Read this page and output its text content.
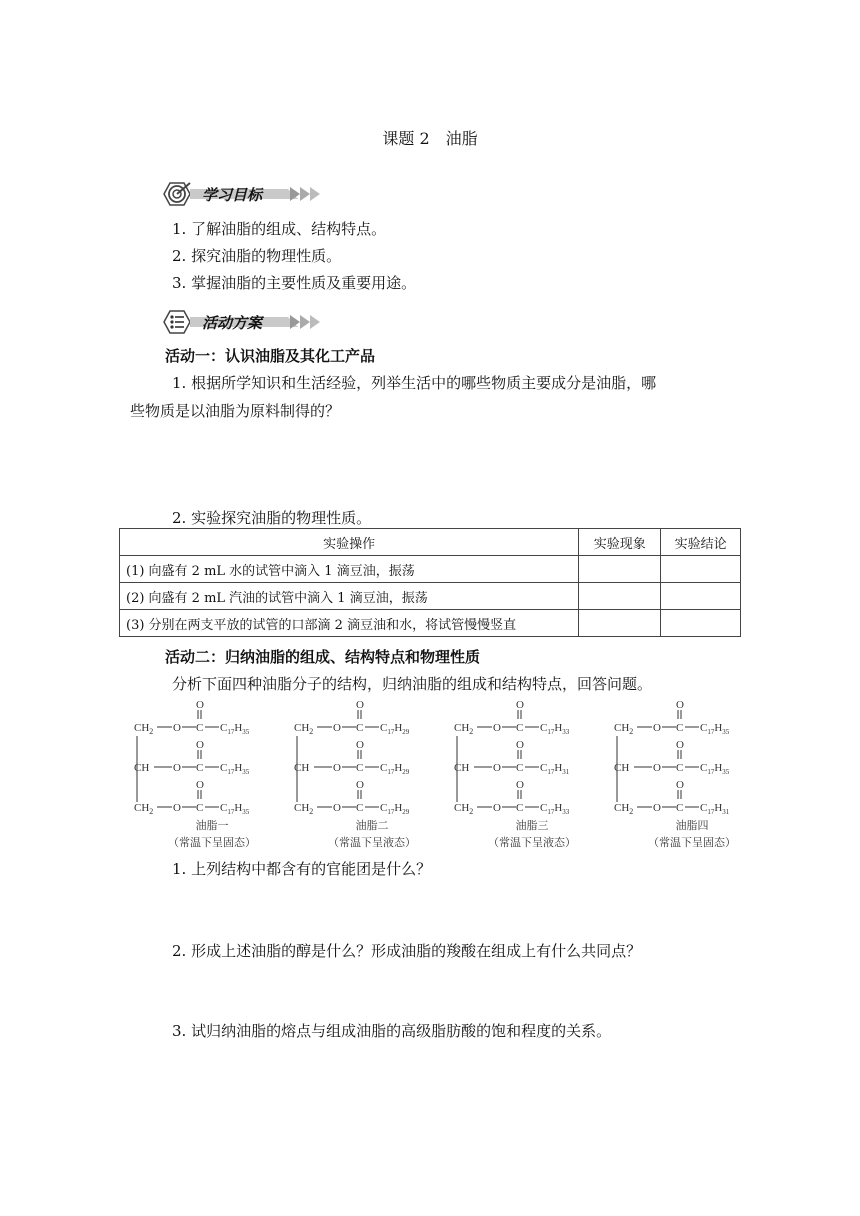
课题 2　油脂
学习目标
1. 了解油脂的组成、结构特点。
2. 探究油脂的物理性质。
3. 掌握油脂的主要性质及重要用途。
活动方案
活动一：认识油脂及其化工产品
1. 根据所学知识和生活经验，列举生活中的哪些物质主要成分是油脂，哪
些物质是以油脂为原料制得的？
2. 实验探究油脂的物理性质。
实验操作	实验现象	实验结论
(1) 向盛有 2 mL 水的试管中滴入 1 滴豆油，振荡		
(2) 向盛有 2 mL 汽油的试管中滴入 1 滴豆油，振荡		
(3) 分别在两支平放的试管的口部滴 2 滴豆油和水，将试管慢慢竖直		
活动二：归纳油脂的组成、结构特点和物理性质
分析下面四种油脂分子的结构，归纳油脂的组成和结构特点，回答问题。
$CH_2$ O C
O
$C_{17}H_{35}$
CH O C
O
$C_{17}H_{35}$
$CH_2$ O C
O
$C_{17}H_{35}$
油脂一
（常温下呈固态）
$CH_2$ O C
O
$C_{17}H_{29}$
CH O C
O
$C_{17}H_{29}$
$CH_2$ O C
O
$C_{17}H_{29}$
油脂二
（常温下呈液态）
$CH_2$ O C
O
$C_{17}H_{33}$
CH O C
O
$C_{17}H_{31}$
$CH_2$ O C
O
$C_{17}H_{33}$
油脂三
（常温下呈液态）
$CH_2$ O C
O
$C_{17}H_{35}$
CH O C
O
$C_{17}H_{35}$
$CH_2$ O C
O
$C_{17}H_{31}$
油脂四
（常温下呈固态）
1. 上列结构中都含有的官能团是什么？
2. 形成上述油脂的醇是什么？形成油脂的羧酸在组成上有什么共同点？
3. 试归纳油脂的熔点与组成油脂的高级脂肪酸的饱和程度的关系。
